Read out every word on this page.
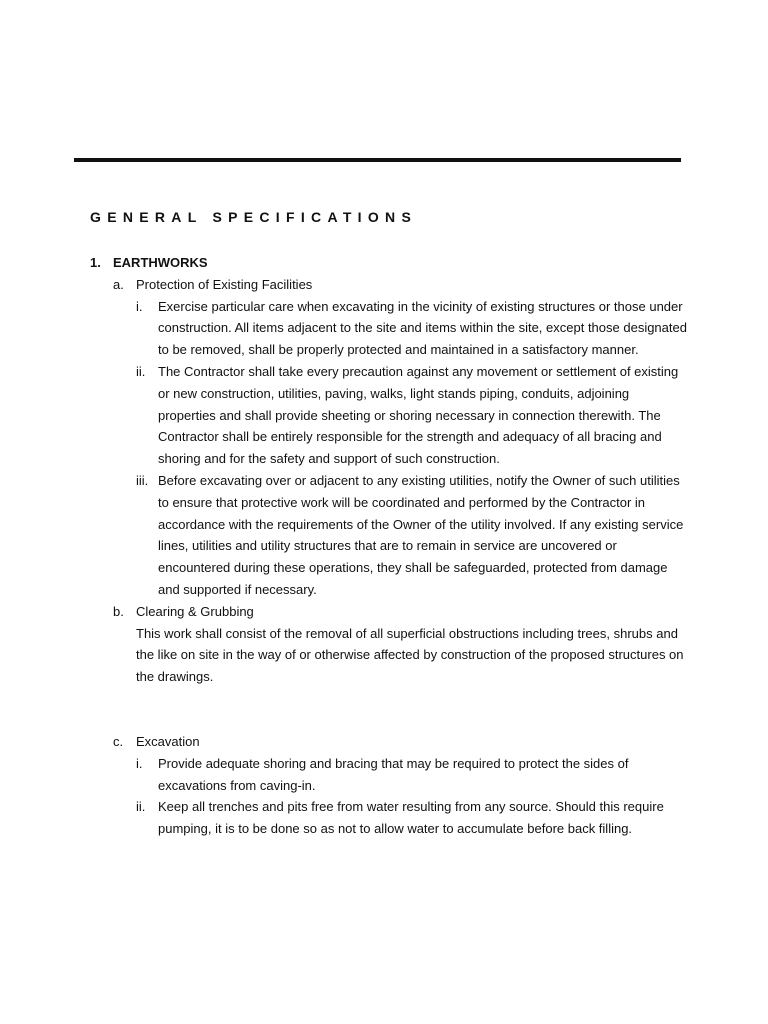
GENERAL SPECIFICATIONS
1. EARTHWORKS
a. Protection of Existing Facilities
i. Exercise particular care when excavating in the vicinity of existing structures or those under construction. All items adjacent to the site and items within the site, except those designated to be removed, shall be properly protected and maintained in a satisfactory manner.
ii. The Contractor shall take every precaution against any movement or settlement of existing or new construction, utilities, paving, walks, light stands piping, conduits, adjoining properties and shall provide sheeting or shoring necessary in connection therewith. The Contractor shall be entirely responsible for the strength and adequacy of all bracing and shoring and for the safety and support of such construction.
iii. Before excavating over or adjacent to any existing utilities, notify the Owner of such utilities to ensure that protective work will be coordinated and performed by the Contractor in accordance with the requirements of the Owner of the utility involved. If any existing service lines, utilities and utility structures that are to remain in service are uncovered or encountered during these operations, they shall be safeguarded, protected from damage and supported if necessary.
b. Clearing & Grubbing
This work shall consist of the removal of all superficial obstructions including trees, shrubs and the like on site in the way of or otherwise affected by construction of the proposed structures on the drawings.
c. Excavation
i. Provide adequate shoring and bracing that may be required to protect the sides of excavations from caving-in.
ii. Keep all trenches and pits free from water resulting from any source. Should this require pumping, it is to be done so as not to allow water to accumulate before back filling.
